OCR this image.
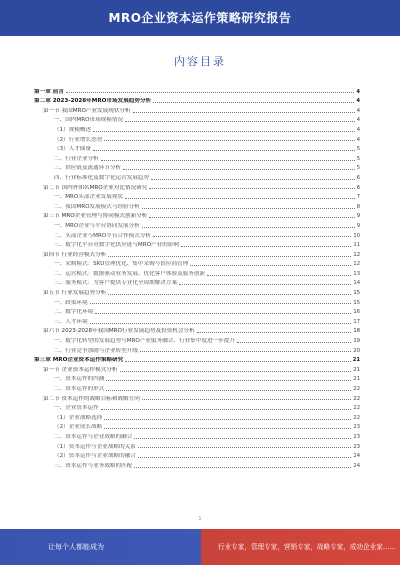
MRO企业资本运作策略研究报告
内容目录
第一章 前言	4
第二章 2023-2028年MRO市场发展趋势分析	4
第一节 我国MRO产业发展现状分析	4
一、国内MRO市场规模情况	4
（1）规模概述	4
（2）行业增长态势	4
（3）人才储备	5
二、行业企业分析	5
三、供应链及流通环节分析	5
四、行业标准化及数字化运营发展趋势	6
第二节 国内外知名MRO企业对比情况研究	6
一、MRO头部企业发展现状	7
二、我国MRO发展模式与经验分析	8
第三节 MRO企业管理与协同模式创新分析	9
一、MRO企业与平台协同发展分析	9
二、头部企业与MRO平台合作模式分析	10
三、数字化平台对数字化供应链与MRO产业的影响	11
第四节 行业经营模式分析	12
一、采购模式：SKU管理优化、集中采购与供应商管理	12
二、运营模式：数据驱动业务发展、优化客户体验及服务创新	13
三、服务模式：为客户提供专业化全周期解决方案	14
第五节 行业发展趋势分析	15
一、政策环境	15
二、数字化环境	16
三、人才环境	17
第六节 2023-2028年我国MRO行业发展趋势及投资机会分析	18
一、数字化转型的发展趋势与MRO产业服务融合、行业集中度进一步提升	19
二、行业竞争加剧与企业转型升级	20
第三章 MRO企业资本运作策略研究	21
第一节 企业资本运作模式分析	21
一、资本运作的内涵	21
二、资本运作的形式	22
第二节 资本运作的战略目标和战略方向	22
一、企业资本运作	22
（1）企业战略选择	22
（2）企业成长战略	23
二、资本运作与企业战略的融合	23
（1）资本运作与企业战略的关系	23
（2）资本运作与企业战略的融合	24
三、资本运作与业务战略的匹配	24
1
让每个人都能成为	行业专家，管理专家，营销专家，战略专家，成功企业家……
